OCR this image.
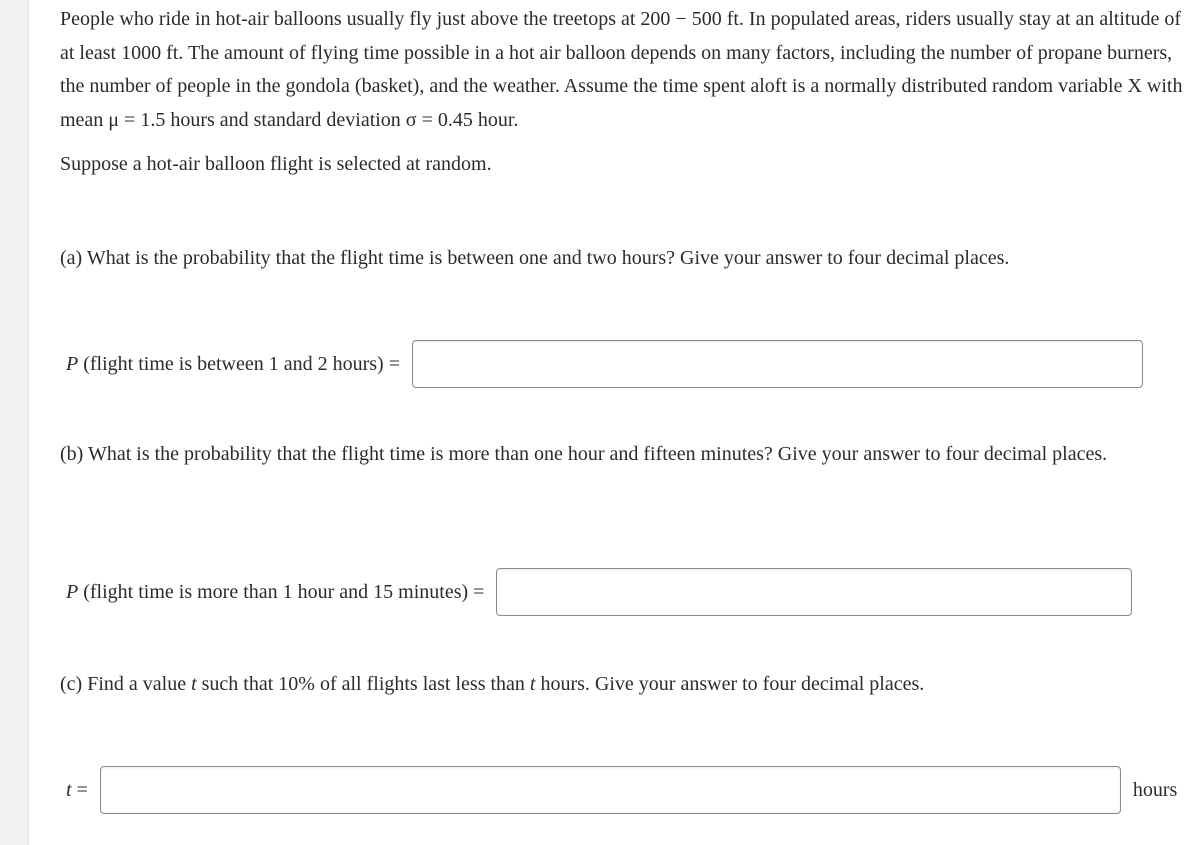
People who ride in hot-air balloons usually fly just above the treetops at 200 − 500 ft. In populated areas, riders usually stay at an altitude of at least 1000 ft. The amount of flying time possible in a hot air balloon depends on many factors, including the number of propane burners, the number of people in the gondola (basket), and the weather. Assume the time spent aloft is a normally distributed random variable X with mean μ = 1.5 hours and standard deviation σ = 0.45 hour.

Suppose a hot-air balloon flight is selected at random.

(a) What is the probability that the flight time is between one and two hours? Give your answer to four decimal places.

P (flight time is between 1 and 2 hours) =

(b) What is the probability that the flight time is more than one hour and fifteen minutes? Give your answer to four decimal places.

P (flight time is more than 1 hour and 15 minutes) =

(c) Find a value t such that 10% of all flights last less than t hours. Give your answer to four decimal places.

t =	hours
